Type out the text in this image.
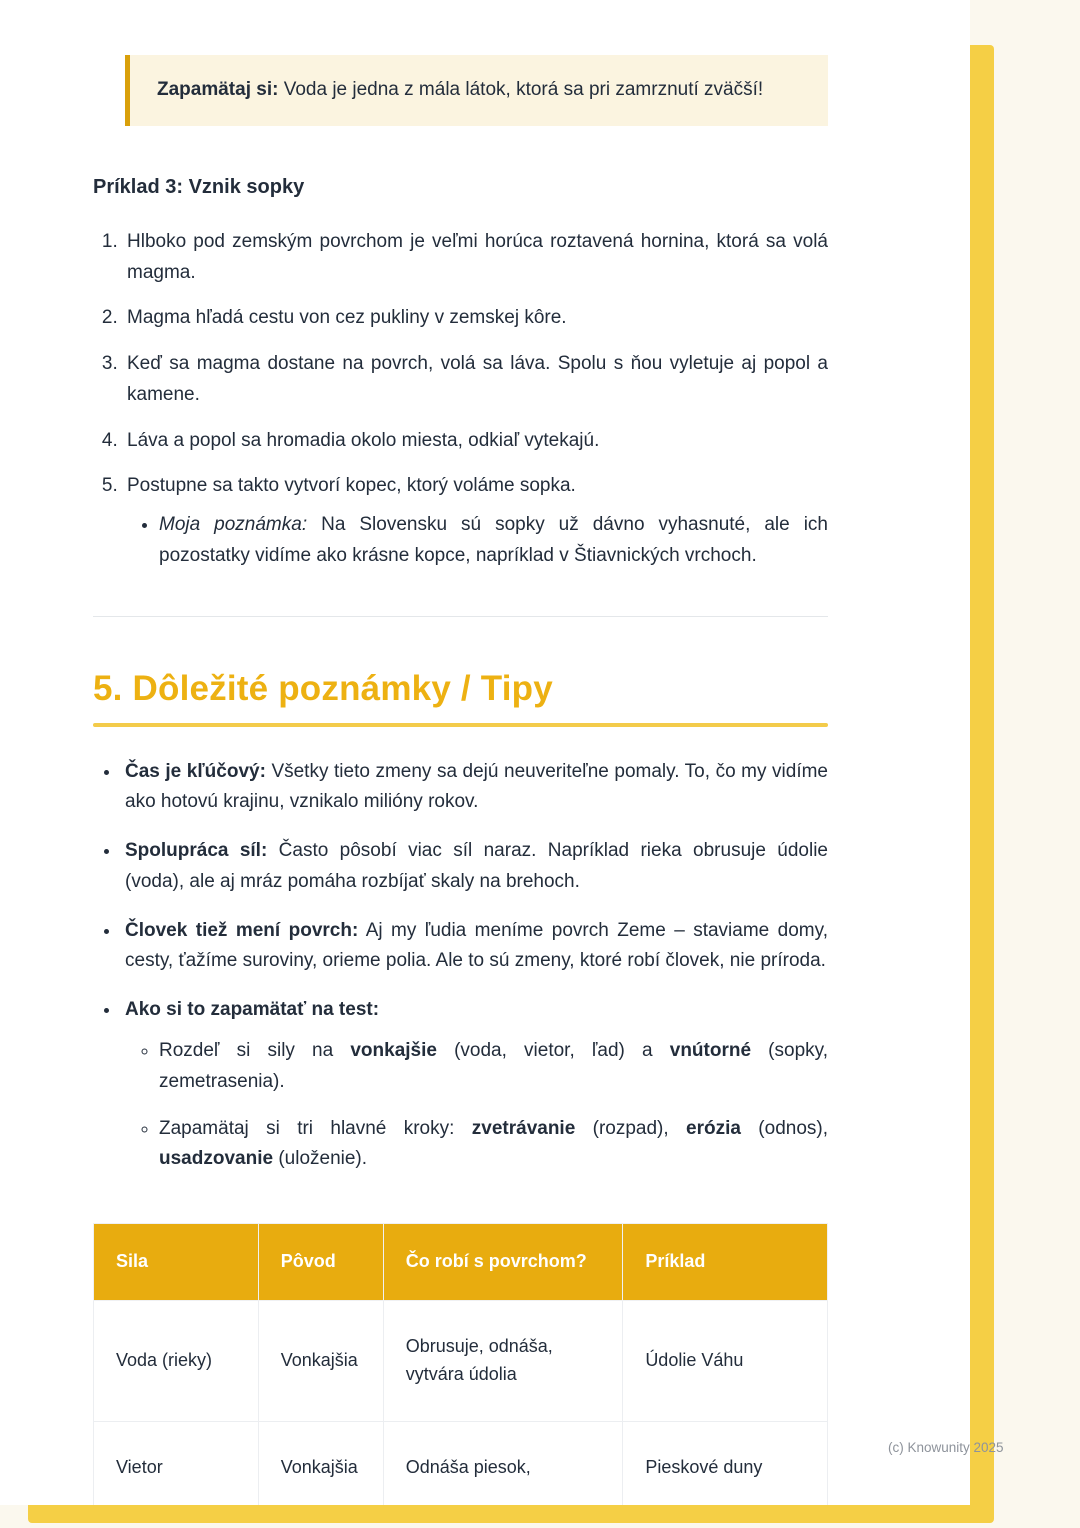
Zapamätaj si: Voda je jedna z mála látok, ktorá sa pri zamrznutí zväčší!
Príklad 3: Vznik sopky
1. Hlboko pod zemským povrchom je veľmi horúca roztavená hornina, ktorá sa volá magma.
2. Magma hľadá cestu von cez pukliny v zemskej kôre.
3. Keď sa magma dostane na povrch, volá sa láva. Spolu s ňou vyletuje aj popol a kamene.
4. Láva a popol sa hromadia okolo miesta, odkiaľ vytekajú.
5. Postupne sa takto vytvorí kopec, ktorý voláme sopka.
• Moja poznámka: Na Slovensku sú sopky už dávno vyhasnuté, ale ich pozostatky vidíme ako krásne kopce, napríklad v Štiavnických vrchoch.
5. Dôležité poznámky / Tipy
• Čas je kľúčový: Všetky tieto zmeny sa dejú neuveriteľne pomaly. To, čo my vidíme ako hotovú krajinu, vznikalo milióny rokov.
• Spolupráca síl: Často pôsobí viac síl naraz. Napríklad rieka obrusuje údolie (voda), ale aj mráz pomáha rozbíjať skaly na brehoch.
• Človek tiež mení povrch: Aj my ľudia meníme povrch Zeme – staviame domy, cesty, ťažíme suroviny, orieme polia. Ale to sú zmeny, ktoré robí človek, nie príroda.
• Ako si to zapamätať na test:
◦ Rozdeľ si sily na vonkajšie (voda, vietor, ľad) a vnútorné (sopky, zemetrasenia).
◦ Zapamätaj si tri hlavné kroky: zvetrávanie (rozpad), erózia (odnos), usadzovanie (uloženie).
Sila	Pôvod	Čo robí s povrchom?	Príklad
Voda (rieky)	Vonkajšia	Obrusuje, odnáša, vytvára údolia	Údolie Váhu
Vietor	Vonkajšia	Odnáša piesok,	Pieskové duny
(c) Knowunity 2025
